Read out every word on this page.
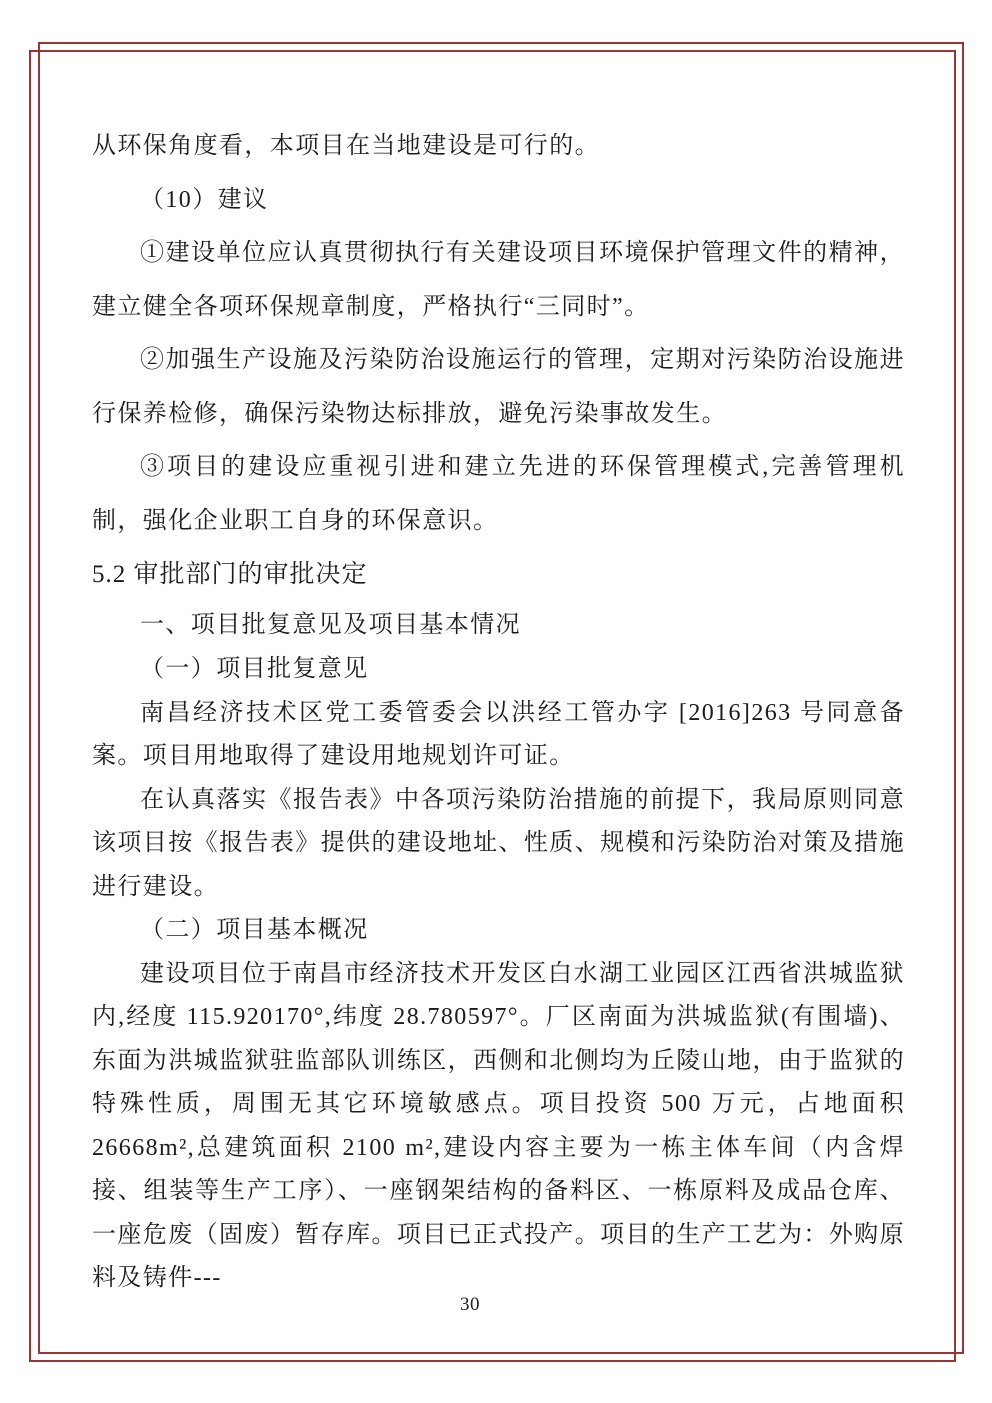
从环保角度看，本项目在当地建设是可行的。

（10）建议

①建设单位应认真贯彻执行有关建设项目环境保护管理文件的精神，建立健全各项环保规章制度，严格执行“三同时”。

②加强生产设施及污染防治设施运行的管理，定期对污染防治设施进行保养检修，确保污染物达标排放，避免污染事故发生。

③项目的建设应重视引进和建立先进的环保管理模式,完善管理机制，强化企业职工自身的环保意识。

5.2 审批部门的审批决定
一、项目批复意见及项目基本情况

（一）项目批复意见

南昌经济技术区党工委管委会以洪经工管办字 [2016]263 号同意备案。项目用地取得了建设用地规划许可证。

在认真落实《报告表》中各项污染防治措施的前提下，我局原则同意该项目按《报告表》提供的建设地址、性质、规模和污染防治对策及措施进行建设。

（二）项目基本概况

建设项目位于南昌市经济技术开发区白水湖工业园区江西省洪城监狱内,经度 115.920170°,纬度 28.780597°。厂区南面为洪城监狱(有围墙)、东面为洪城监狱驻监部队训练区，西侧和北侧均为丘陵山地，由于监狱的特殊性质，周围无其它环境敏感点。项目投资 500 万元，占地面积 26668m²,总建筑面积 2100 m²,建设内容主要为一栋主体车间（内含焊接、组装等生产工序）、一座钢架结构的备料区、一栋原料及成品仓库、一座危废（固废）暂存库。项目已正式投产。项目的生产工艺为：外购原料及铸件---

30
